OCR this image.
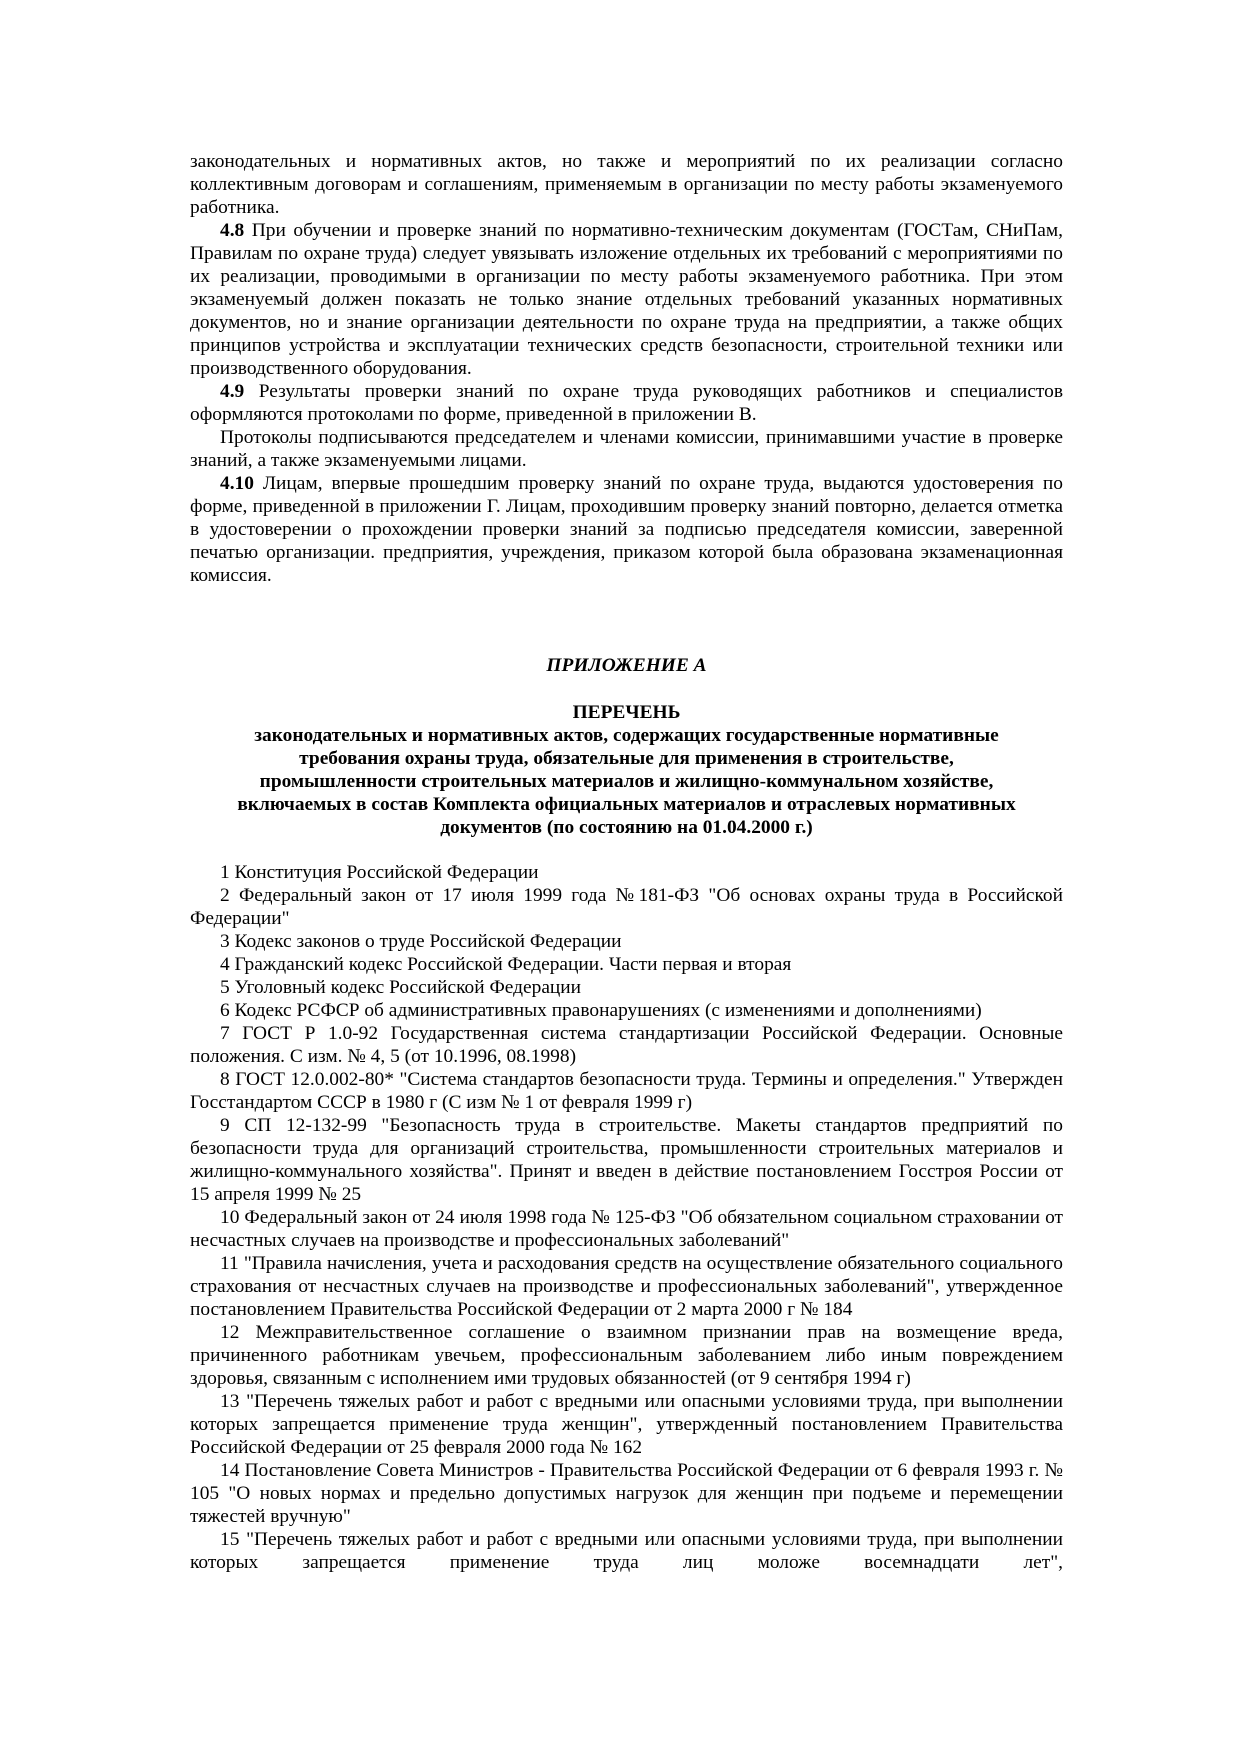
законодательных и нормативных актов, но также и мероприятий по их реализации согласно коллективным договорам и соглашениям, применяемым в организации по месту работы экзаменуемого работника.

4.8 При обучении и проверке знаний по нормативно-техническим документам (ГОСТам, СНиПам, Правилам по охране труда) следует увязывать изложение отдельных их требований с мероприятиями по их реализации, проводимыми в организации по месту работы экзаменуемого работника. При этом экзаменуемый должен показать не только знание отдельных требований указанных нормативных документов, но и знание организации деятельности по охране труда на предприятии, а также общих принципов устройства и эксплуатации технических средств безопасности, строительной техники или производственного оборудования.

4.9 Результаты проверки знаний по охране труда руководящих работников и специалистов оформляются протоколами по форме, приведенной в приложении В.

Протоколы подписываются председателем и членами комиссии, принимавшими участие в проверке знаний, а также экзаменуемыми лицами.

4.10 Лицам, впервые прошедшим проверку знаний по охране труда, выдаются удостоверения по форме, приведенной в приложении Г. Лицам, проходившим проверку знаний повторно, делается отметка в удостоверении о прохождении проверки знаний за подписью председателя комиссии, заверенной печатью организации. предприятия, учреждения, приказом которой была образована экзаменационная комиссия.

ПРИЛОЖЕНИЕ А

ПЕРЕЧЕНЬ

законодательных и нормативных актов, содержащих государственные нормативные
требования охраны труда, обязательные для применения в строительстве,
промышленности строительных материалов и жилищно-коммунальном хозяйстве,
включаемых в состав Комплекта официальных материалов и отраслевых нормативных
документов (по состоянию на 01.04.2000 г.)

1 Конституция Российской Федерации

2 Федеральный закон от 17 июля 1999 года №181-ФЗ "Об основах охраны труда в Российской Федерации"

3 Кодекс законов о труде Российской Федерации

4 Гражданский кодекс Российской Федерации. Части первая и вторая

5 Уголовный кодекс Российской Федерации

6 Кодекс РСФСР об административных правонарушениях (с изменениями и дополнениями)

7 ГОСТ Р 1.0-92 Государственная система стандартизации Российской Федерации. Основные положения. С изм. № 4, 5 (от 10.1996, 08.1998)

8 ГОСТ 12.0.002-80* "Система стандартов безопасности труда. Термины и определения." Утвержден Госстандартом СССР в 1980 г (С изм № 1 от февраля 1999 г)

9 СП 12-132-99 "Безопасность труда в строительстве. Макеты стандартов предприятий по безопасности труда для организаций строительства, промышленности строительных материалов и жилищно-коммунального хозяйства". Принят и введен в действие постановлением Госстроя России от 15 апреля 1999 № 25

10 Федеральный закон от 24 июля 1998 года № 125-ФЗ "Об обязательном социальном страховании от несчастных случаев на производстве и профессиональных заболеваний"

11 "Правила начисления, учета и расходования средств на осуществление обязательного социального страхования от несчастных случаев на производстве и профессиональных заболеваний", утвержденное постановлением Правительства Российской Федерации от 2 марта 2000 г № 184

12 Межправительственное соглашение о взаимном признании прав на возмещение вреда, причиненного работникам увечьем, профессиональным заболеванием либо иным повреждением здоровья, связанным с исполнением ими трудовых обязанностей (от 9 сентября 1994 г)

13 "Перечень тяжелых работ и работ с вредными или опасными условиями труда, при выполнении которых запрещается применение труда женщин", утвержденный постановлением Правительства Российской Федерации от 25 февраля 2000 года № 162

14 Постановление Совета Министров - Правительства Российской Федерации от 6 февраля 1993 г. № 105 "О новых нормах и предельно допустимых нагрузок для женщин при подъеме и перемещении тяжестей вручную"

15 "Перечень тяжелых работ и работ с вредными или опасными условиями труда, при выполнении которых запрещается применение труда лиц моложе восемнадцати лет",
